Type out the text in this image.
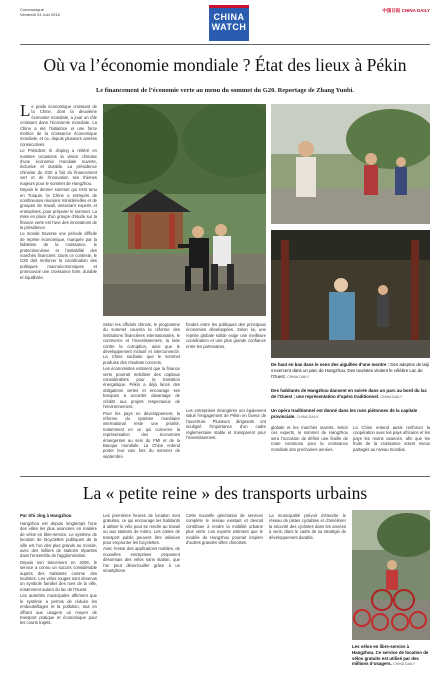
Communiqué
Vendredi 24 Juin 2016	CHINA
WATCH
中国日报 CHINA DAILY
Où va l’économie mondiale ? État des lieux à Pékin
Le financement de l’économie verte au menu du sommet du G20. Reportage de Zhang Yunbi.

Le poids économique croissant de la Chine, dont la deuxième économie mondiale, a joué un rôle croissant dans l'économie mondiale. La Chine a été l'initiatrice et une force motrice de la croissance économique mondiale, et ce, depuis plusieurs années consécutives.

Le Président Xi Jinping a réitéré en maintes occasions la vision chinoise d'une économie mondiale ouverte, inclusive et durable. La présidence chinoise du G20 a fait du financement vert et de l'innovation ses thèmes majeurs pour le sommet de Hangzhou.

Depuis le dernier sommet qui s'est tenu en Turquie, la Chine a entrepris de nombreuses réunions ministérielles et de groupes de travail, associant experts et entreprises, pour préparer le sommet. La mise en place d'un groupe d'étude sur la finance verte est l'une des innovations de la présidence.

Le monde traverse une période difficile de reprise économique, marquée par la faiblesse de la croissance, le protectionnisme et l'instabilité des marchés financiers. Dans ce contexte, le G20 doit renforcer la coordination des politiques macroéconomiques et promouvoir une croissance forte, durable et équilibrée.

De haut en bas dans le sens des aiguilles d’une montre : Des adeptes de taiji s’exercent dans un parc de Hangzhou. Des touristes visitent le célèbre Lac de l’Ouest. CHINA DAILY
Des habitants de Hangzhou dansent en soirée dans un parc au bord du lac de l’Ouest ; une représentation d’opéra traditionnel. CHINA DAILY
Un opéra traditionnel est donné dans les rues piétonnes de la capitale provinciale. CHINA DAILY

Selon les officiels chinois, le programme du sommet couvrira la réforme des institutions financières internationales, le commerce et l'investissement, la lutte contre la corruption, ainsi que le développement inclusif et interconnecté. La Chine souhaite que le sommet produise des résultats concrets.

Les économistes estiment que la finance verte pourrait mobiliser des capitaux considérables pour la transition énergétique. Pékin a déjà lancé des obligations vertes et encourage ses banques à accorder davantage de crédits aux projets respectueux de l'environnement.

Pour les pays en développement, la réforme du système monétaire international reste une priorité, notamment en ce qui concerne la représentation des économies émergentes au sein du FMI et de la Banque mondiale. La Chine entend porter leur voix lors du sommet de septembre.

fondes entre les politiques des principaux économies développées. Selon lui, une reprise globale solide exige une meilleure coordination et une plus grande confiance entre les partenaires.

Les entreprises étrangères ont également salué l'engagement de Pékin en faveur de l'ouverture. Plusieurs dirigeants ont souligné l'importance d'un cadre réglementaire stable et transparent pour l'investissement.

globale et les marchés ouverts. Selon ces experts, le sommet de Hangzhou sera l'occasion de définir une feuille de route commune pour la croissance mondiale des prochaines années.

La Chine entend aussi renforcer la coopération avec les pays africains et les pays les moins avancés, afin que les fruits de la croissance soient mieux partagés au niveau mondial.

La « petite reine » des transports urbains
Par Shi Jing à Hangzhou

Hangzhou est depuis longtemps l'une des villes les plus avancées en matière de vélos en libre-service. Le système de location de bicyclettes publiques de la ville est l'un des plus grands au monde, avec des milliers de stations réparties dans l'ensemble de l'agglomération.

Depuis son lancement en 2008, le service a connu un succès considérable auprès des habitants comme des touristes. Les vélos rouges sont devenus un symbole familier des rues de la ville, notamment autour du lac de l'Ouest.

Les autorités municipales affirment que le système a permis de réduire les embouteillages et la pollution, tout en offrant aux usagers un moyen de transport pratique et économique pour les courts trajets.

Les premières heures de location sont gratuites, ce qui encourage les habitants à utiliser le vélo pour se rendre au travail ou aux stations de métro. Les cartes de transport public peuvent être utilisées pour emprunter les bicyclettes.

Avec l'essor des applications mobiles, de nouvelles entreprises proposent désormais des vélos sans station, que l'on peut déverrouiller grâce à un smartphone.

Cette nouvelle génération de services complète le réseau existant et devrait contribuer à rendre la mobilité urbaine plus verte. Les experts estiment que le modèle de Hangzhou pourrait inspirer d'autres grandes villes chinoises.

La municipalité prévoit d'étendre le réseau de pistes cyclables et d'améliorer la sécurité des cyclistes dans les années à venir, dans le cadre de sa stratégie de développement durable.

Les vélos en libre-service à Hangzhou. Ce service de location de vélos gratuits est utilisé par des millions d’usagers. CHINA DAILY
